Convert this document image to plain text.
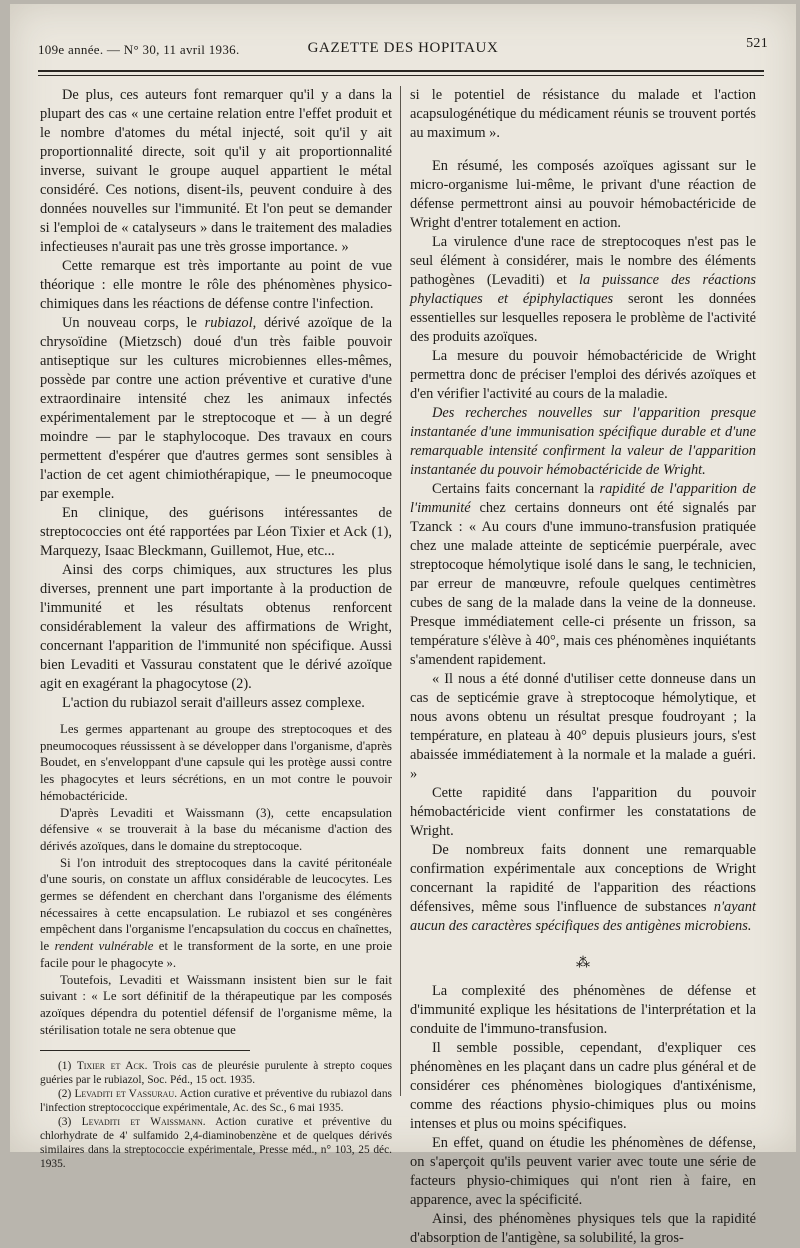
109e année. — N° 30, 11 avril 1936.	GAZETTE DES HOPITAUX	521

De plus, ces auteurs font remarquer qu'il y a dans la plupart des cas « une certaine relation entre l'effet produit et le nombre d'atomes du métal injecté, soit qu'il y ait proportionnalité directe, soit qu'il y ait proportionnalité inverse, suivant le groupe auquel appartient le métal considéré. Ces notions, disent-ils, peuvent conduire à des données nouvelles sur l'immunité. Et l'on peut se demander si l'emploi de « catalyseurs » dans le traitement des maladies infectieuses n'aurait pas une très grosse importance. »

Cette remarque est très importante au point de vue théorique : elle montre le rôle des phénomènes physico-chimiques dans les réactions de défense contre l'infection.

Un nouveau corps, le rubiazol, dérivé azoïque de la chrysoïdine (Mietzsch) doué d'un très faible pouvoir antiseptique sur les cultures microbiennes elles-mêmes, possède par contre une action préventive et curative d'une extraordinaire intensité chez les animaux infectés expérimentalement par le streptocoque et — à un degré moindre — par le staphylocoque. Des travaux en cours permettent d'espérer que d'autres germes sont sensibles à l'action de cet agent chimiothérapique, — le pneumocoque par exemple.

En clinique, des guérisons intéressantes de streptococcies ont été rapportées par Léon Tixier et Ack (1), Marquezy, Isaac Bleckmann, Guillemot, Hue, etc...

Ainsi des corps chimiques, aux structures les plus diverses, prennent une part importante à la production de l'immunité et les résultats obtenus renforcent considérablement la valeur des affirmations de Wright, concernant l'apparition de l'immunité non spécifique. Aussi bien Levaditi et Vassurau constatent que le dérivé azoïque agit en exagérant la phagocytose (2).

L'action du rubiazol serait d'ailleurs assez complexe.

Les germes appartenant au groupe des streptocoques et des pneumocoques réussissent à se développer dans l'organisme, d'après Boudet, en s'enveloppant d'une capsule qui les protège aussi contre les phagocytes et leurs sécrétions, en un mot contre le pouvoir hémobactéricide.

D'après Levaditi et Waissmann (3), cette encapsulation défensive « se trouverait à la base du mécanisme d'action des dérivés azoïques, dans le domaine du streptocoque.

Si l'on introduit des streptocoques dans la cavité péritonéale d'une souris, on constate un afflux considérable de leucocytes. Les germes se défendent en cherchant dans l'organisme des éléments nécessaires à cette encapsulation. Le rubiazol et ses congénères empêchent dans l'organisme l'encapsulation du coccus en chaînettes, le rendent vulnérable et le transforment de la sorte, en une proie facile pour le phagocyte ».

Toutefois, Levaditi et Waissmann insistent bien sur le fait suivant : « Le sort définitif de la thérapeutique par les composés azoïques dépendra du potentiel défensif de l'organisme même, la stérilisation totale ne sera obtenue que

(1) Tixier et Ack. Trois cas de pleurésie purulente à strepto coques guéries par le rubiazol, Soc. Péd., 15 oct. 1935.

(2) Levaditi et Vassurau. Action curative et préventive du rubiazol dans l'infection streptococcique expérimentale, Ac. des Sc., 6 mai 1935.

(3) Levaditi et Waissmann. Action curative et préventive du chlorhydrate de 4' sulfamido 2,4-diaminobenzène et de quelques dérivés similaires dans la streptococcie expérimentale, Presse méd., n° 103, 25 déc. 1935.

si le potentiel de résistance du malade et l'action acapsulogénétique du médicament réunis se trouvent portés au maximum ».

En résumé, les composés azoïques agissant sur le micro-organisme lui-même, le privant d'une réaction de défense permettront ainsi au pouvoir hémobactéricide de Wright d'entrer totalement en action.

La virulence d'une race de streptocoques n'est pas le seul élément à considérer, mais le nombre des éléments pathogènes (Levaditi) et la puissance des réactions phylactiques et épiphylactiques seront les données essentielles sur lesquelles reposera le problème de l'activité des produits azoïques.

La mesure du pouvoir hémobactéricide de Wright permettra donc de préciser l'emploi des dérivés azoïques et d'en vérifier l'activité au cours de la maladie.

Des recherches nouvelles sur l'apparition presque instantanée d'une immunisation spécifique durable et d'une remarquable intensité confirment la valeur de l'apparition instantanée du pouvoir hémobactéricide de Wright.

Certains faits concernant la rapidité de l'apparition de l'immunité chez certains donneurs ont été signalés par Tzanck : « Au cours d'une immuno-transfusion pratiquée chez une malade atteinte de septicémie puerpérale, avec streptocoque hémolytique isolé dans le sang, le technicien, par erreur de manœuvre, refoule quelques centimètres cubes de sang de la malade dans la veine de la donneuse. Presque immédiatement celle-ci présente un frisson, sa température s'élève à 40°, mais ces phénomènes inquiétants s'amendent rapidement.

« Il nous a été donné d'utiliser cette donneuse dans un cas de septicémie grave à streptocoque hémolytique, et nous avons obtenu un résultat presque foudroyant ; la température, en plateau à 40° depuis plusieurs jours, s'est abaissée immédiatement à la normale et la malade a guéri. »

Cette rapidité dans l'apparition du pouvoir hémobactéricide vient confirmer les constatations de Wright.

De nombreux faits donnent une remarquable confirmation expérimentale aux conceptions de Wright concernant la rapidité de l'apparition des réactions défensives, même sous l'influence de substances n'ayant aucun des caractères spécifiques des antigènes microbiens.

⁂

La complexité des phénomènes de défense et d'immunité explique les hésitations de l'interprétation et la conduite de l'immuno-transfusion.

Il semble possible, cependant, d'expliquer ces phénomènes en les plaçant dans un cadre plus général et de considérer ces phénomènes biologiques d'antixénisme, comme des réactions physio-chimiques plus ou moins intenses et plus ou moins spécifiques.

En effet, quand on étudie les phénomènes de défense, on s'aperçoit qu'ils peuvent varier avec toute une série de facteurs physio-chimiques qui n'ont rien à faire, en apparence, avec la spécificité.

Ainsi, des phénomènes physiques tels que la rapidité d'absorption de l'antigène, sa solubilité, la gros-
